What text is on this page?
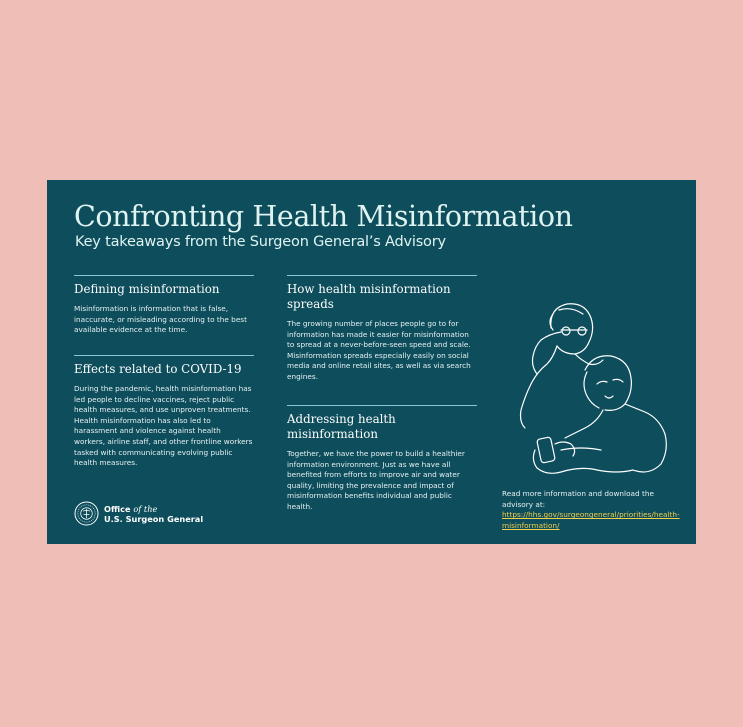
Confronting Health Misinformation
Key takeaways from the Surgeon General’s Advisory
Defining misinformation

Misinformation is information that is false, inaccurate, or misleading according to the best available evidence at the time.

Effects related to COVID-19

During the pandemic, health misinformation has led people to decline vaccines, reject public health measures, and use unproven treatments. Health misinformation has also led to harassment and violence against health workers, airline staff, and other frontline workers tasked with communicating evolving public health measures.

How health misinformation spreads

The growing number of places people go to for information has made it easier for misinformation to spread at a never-before-seen speed and scale. Misinformation spreads especially easily on social media and online retail sites, as well as via search engines.

Addressing health misinformation

Together, we have the power to build a healthier information environment. Just as we have all benefited from efforts to improve air and water quality, limiting the prevalence and impact of misinformation benefits individual and public health.

Office of the
U.S. Surgeon General
Read more information and download the advisory at: https://hhs.gov/surgeongeneral/priorities/health-misinformation/
